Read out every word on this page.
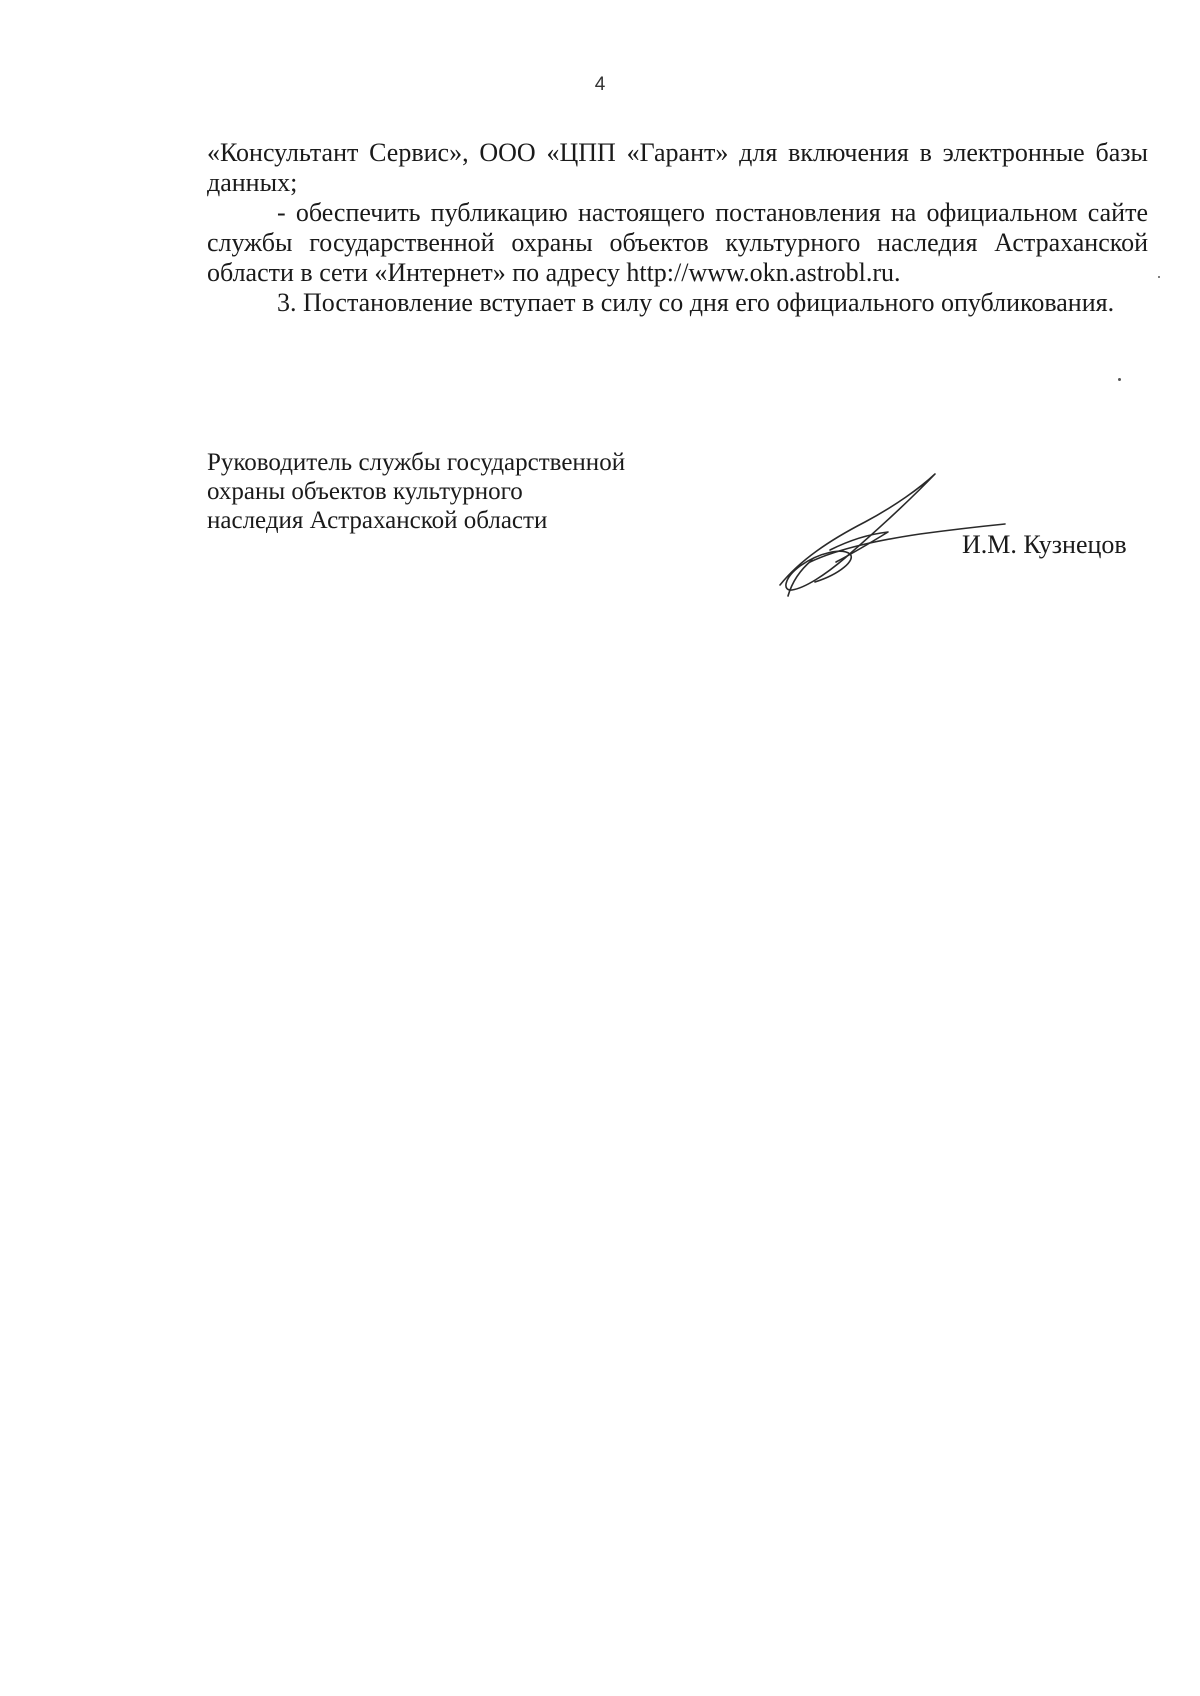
4

«Консультант Сервис», ООО «ЦПП «Гарант» для включения в электронные базы данных;

- обеспечить публикацию настоящего постановления на официальном сайте службы государственной охраны объектов культурного наследия Астраханской области в сети «Интернет» по адресу http://www.okn.astrobl.ru.

3. Постановление вступает в силу со дня его официального опубликования.

Руководитель службы государственной
охраны объектов культурного
наследия Астраханской области
И.М. Кузнецов
